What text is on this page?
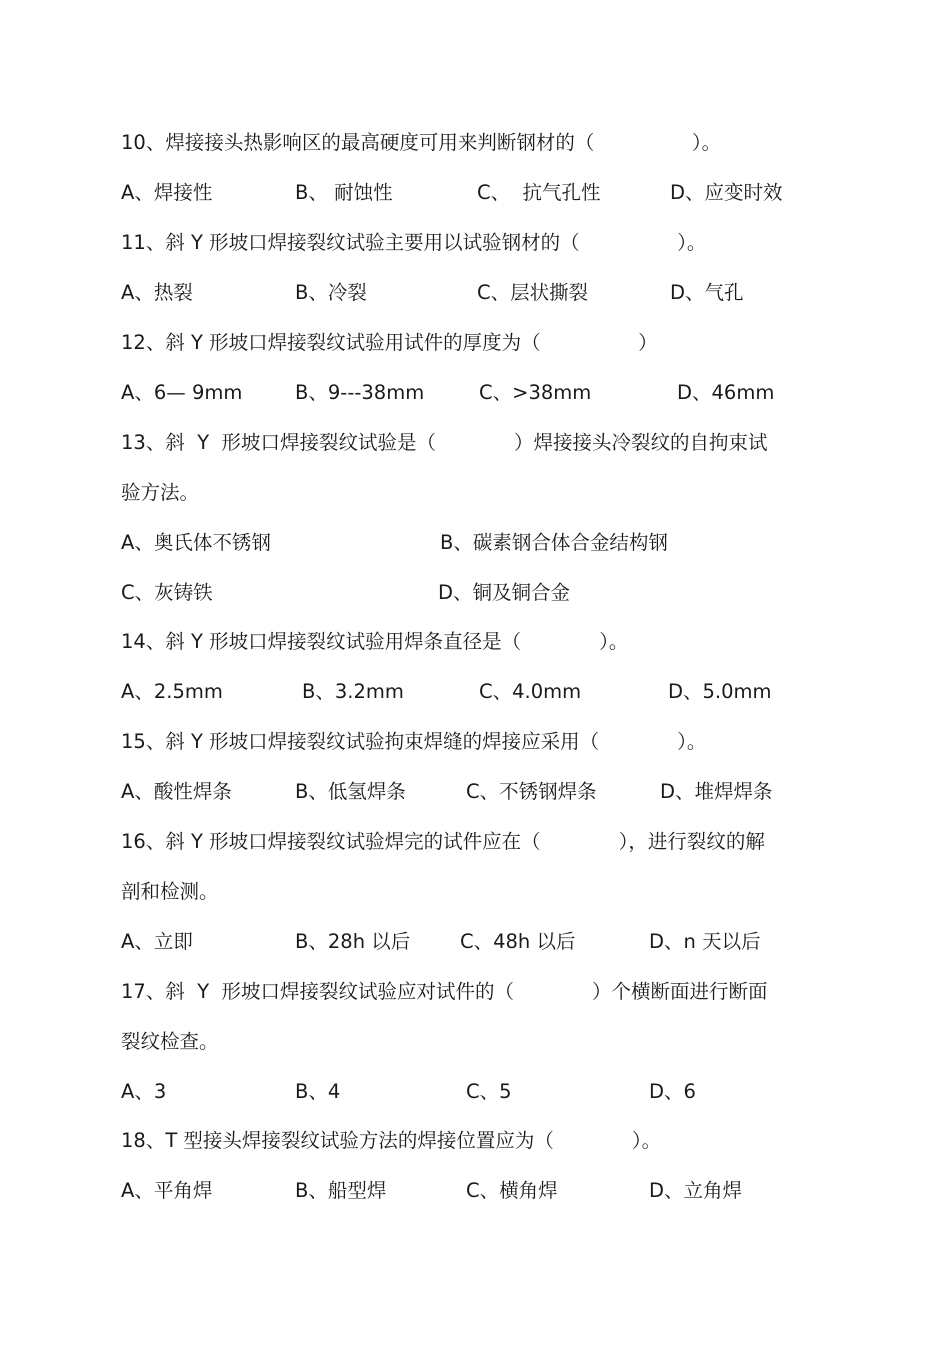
10、焊接接头热影响区的最高硬度可用来判断钢材的（　　　　　）。
A、焊接性	B、 耐蚀性	C、  抗气孔性	D、应变时效
11、斜 Y 形坡口焊接裂纹试验主要用以试验钢材的（　　　　　）。
A、热裂	B、冷裂	C、层状撕裂	D、气孔
12、斜 Y 形坡口焊接裂纹试验用试件的厚度为（　　　　　）
A、6— 9mm	B、9---38mm	C、>38mm	D、46mm
13、斜  Y  形坡口焊接裂纹试验是（　　　　）焊接接头冷裂纹的自拘束试
验方法。
A、奥氏体不锈钢	B、碳素钢合体合金结构钢
C、灰铸铁	D、铜及铜合金
14、斜 Y 形坡口焊接裂纹试验用焊条直径是（　　　　）。
A、2.5mm	B、3.2mm	C、4.0mm	D、5.0mm
15、斜 Y 形坡口焊接裂纹试验拘束焊缝的焊接应采用（　　　　）。
A、酸性焊条	B、低氢焊条	C、不锈钢焊条	D、堆焊焊条
16、斜 Y 形坡口焊接裂纹试验焊完的试件应在（　　　　），进行裂纹的解
剖和检测。
A、立即	B、28h 以后	C、48h 以后	D、n 天以后
17、斜  Y  形坡口焊接裂纹试验应对试件的（　　　　）个横断面进行断面
裂纹检查。
A、3	B、4	C、5	D、6
18、T 型接头焊接裂纹试验方法的焊接位置应为（　　　　）。
A、平角焊	B、船型焊	C、横角焊	D、立角焊
